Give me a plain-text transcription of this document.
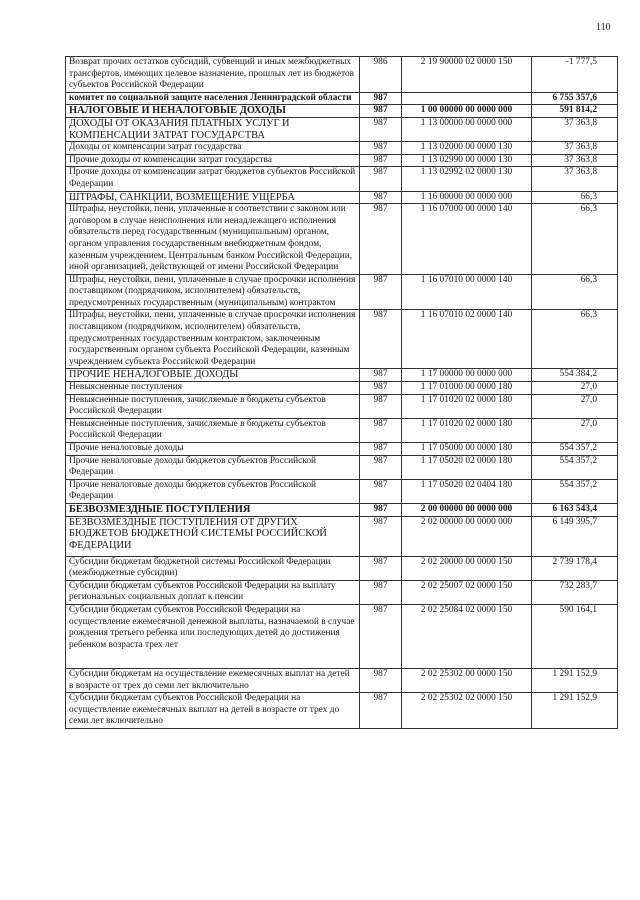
110
Возврат прочих остатков субсидий, субвенций и иных межбюджетных трансфертов, имеющих целевое назначение, прошлых лет из бюджетов субъектов Российской Федерации	986	2 19 90000 02 0000 150	-1 777,5
комитет по социальной защите населения Ленинградской области	987		6 755 357,6
НАЛОГОВЫЕ И НЕНАЛОГОВЫЕ ДОХОДЫ	987	1 00 00000 00 0000 000	591 814,2
ДОХОДЫ ОТ ОКАЗАНИЯ ПЛАТНЫХ УСЛУГ И КОМПЕНСАЦИИ ЗАТРАТ ГОСУДАРСТВА	987	1 13 00000 00 0000 000	37 363,8
Доходы от компенсации затрат государства	987	1 13 02000 00 0000 130	37 363,8
Прочие доходы от компенсации затрат государства	987	1 13 02990 00 0000 130	37 363,8
Прочие доходы от компенсации затрат бюджетов субъектов Российской Федерации	987	1 13 02992 02 0000 130	37 363,8
ШТРАФЫ, САНКЦИИ, ВОЗМЕЩЕНИЕ УЩЕРБА	987	1 16 00000 00 0000 000	66,3
Штрафы, неустойки, пени, уплаченные в соответствии с законом или договором в случае неисполнения или ненадлежащего исполнения обязательств перед государственным (муниципальным) органом, органом управления государственным внебюджетным фондом, казенным учреждением, Центральным банком Российской Федерации, иной организацией, действующей от имени Российской Федерации	987	1 16 07000 00 0000 140	66,3
Штрафы, неустойки, пени, уплаченные в случае просрочки исполнения поставщиком (подрядчиком, исполнителем) обязательств, предусмотренных государственным (муниципальным) контрактом	987	1 16 07010 00 0000 140	66,3
Штрафы, неустойки, пени, уплаченные в случае просрочки исполнения поставщиком (подрядчиком, исполнителем) обязательств, предусмотренных государственным контрактом, заключенным государственным органом субъекта Российской Федерации, казенным учреждением субъекта Российской Федерации	987	1 16 07010 02 0000 140	66,3
ПРОЧИЕ НЕНАЛОГОВЫЕ ДОХОДЫ	987	1 17 00000 00 0000 000	554 384,2
Невыясненные поступления	987	1 17 01000 00 0000 180	27,0
Невыясненные поступления, зачисляемые в бюджеты субъектов Российской Федерации	987	1 17 01020 02 0000 180	27,0
Невыясненные поступления, зачисляемые в бюджеты субъектов Российской Федерации	987	1 17 01020 02 0000 180	27,0
Прочие неналоговые доходы	987	1 17 05000 00 0000 180	554 357,2
Прочие неналоговые доходы бюджетов субъектов Российской Федерации	987	1 17 05020 02 0000 180	554 357,2
Прочие неналоговые доходы бюджетов субъектов Российской Федерации	987	1 17 05020 02 0404 180	554 357,2
БЕЗВОЗМЕЗДНЫЕ ПОСТУПЛЕНИЯ	987	2 00 00000 00 0000 000	6 163 543,4
БЕЗВОЗМЕЗДНЫЕ ПОСТУПЛЕНИЯ ОТ ДРУГИХ БЮДЖЕТОВ БЮДЖЕТНОЙ СИСТЕМЫ РОССИЙСКОЙ ФЕДЕРАЦИИ	987	2 02 00000 00 0000 000	6 149 395,7
Субсидии бюджетам бюджетной системы Российской Федерации (межбюджетные субсидии)	987	2 02 20000 00 0000 150	2 739 178,4
Субсидии бюджетам субъектов Российской Федерации на выплату региональных социальных доплат к пенсии	987	2 02 25007 02 0000 150	732 283,7
Субсидии бюджетам субъектов Российской Федерации на осуществление ежемесячной денежной выплаты, назначаемой в случае рождения третьего ребенка или последующих детей до достижения ребенком возраста трех лет	987	2 02 25084 02 0000 150	590 164,1
Субсидии бюджетам на осуществление ежемесячных выплат на детей в возрасте от трех до семи лет включительно	987	2 02 25302 00 0000 150	1 291 152,9
Субсидии бюджетам субъектов Российской Федерации на осуществление ежемесячных выплат на детей в возрасте от трех до семи лет включительно	987	2 02 25302 02 0000 150	1 291 152,9
